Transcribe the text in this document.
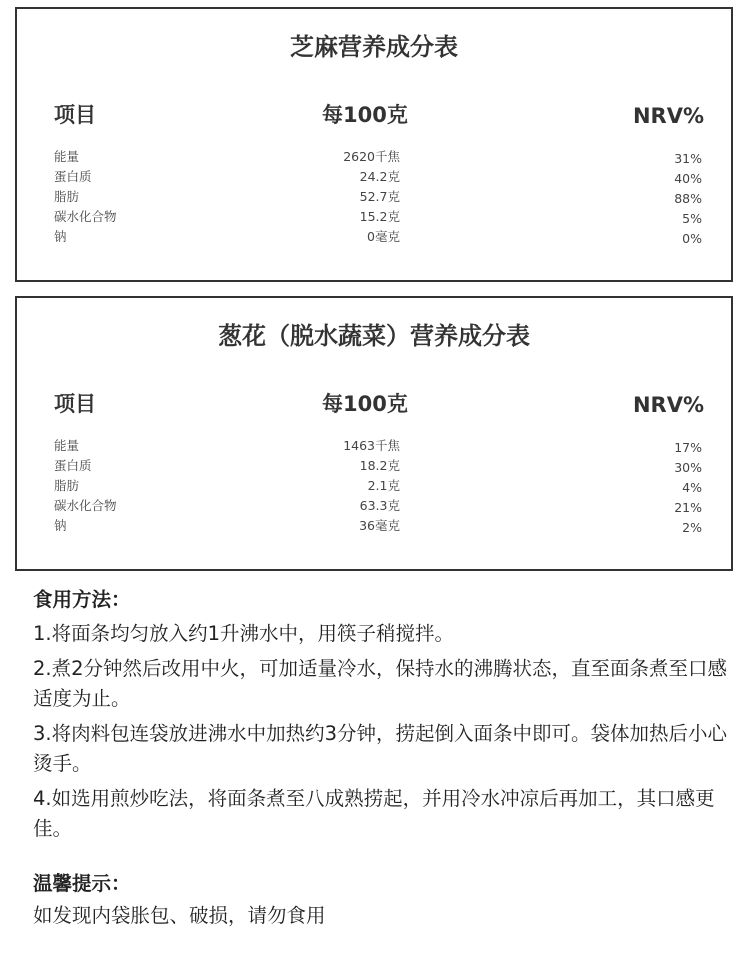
芝麻营养成分表
项目	每100克	NRV%
能量	2620千焦	31%
蛋白质	24.2克	40%
脂肪	52.7克	88%
碳水化合物	15.2克	5%
钠	0毫克	0%
葱花（脱水蔬菜）营养成分表
项目	每100克	NRV%
能量	1463千焦	17%
蛋白质	18.2克	30%
脂肪	2.1克	4%
碳水化合物	63.3克	21%
钠	36毫克	2%
食用方法：
1.将面条均匀放入约1升沸水中，用筷子稍搅拌。
2.煮2分钟然后改用中火，可加适量冷水，保持水的沸腾状态，直至面条煮至口感适度为止。
3.将肉料包连袋放进沸水中加热约3分钟，捞起倒入面条中即可。袋体加热后小心烫手。
4.如选用煎炒吃法，将面条煮至八成熟捞起，并用冷水冲凉后再加工，其口感更佳。
温馨提示：
如发现内袋胀包、破损，请勿食用
